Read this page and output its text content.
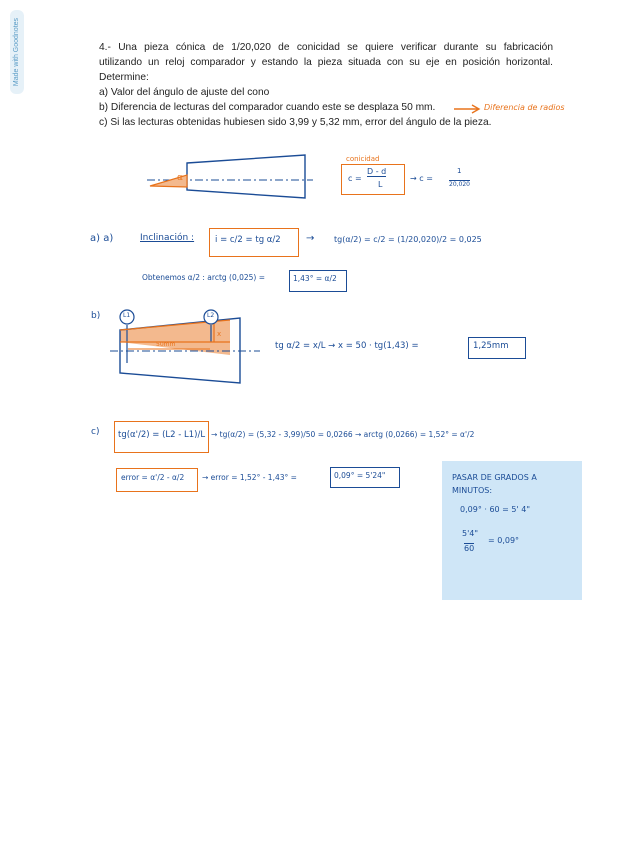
Made with Goodnotes	4.- Una pieza cónica de 1/20,020 de conicidad se quiere verificar durante su fabricación

utilizando un reloj comparador y estando la pieza situada con su eje en posición horizontal.

Determine:

a) Valor del ángulo de ajuste del cono

b) Diferencia de lecturas del comparador cuando este se desplaza 50 mm.

c) Si las lecturas obtenidas hubiesen sido 3,99 y 5,32 mm, error del ángulo de la pieza.

Diferencia de radios
α
conicidad
c =
D - d
L
→ c =
1
20,020
a) a)	Inclinación : i = c/2 = tg α/2	→ tg(α/2) = c/2 = (1/20,020)/2 = 0,025
Obtenemos α/2 : arctg (0,025) =	1,43° = α/2
b)	L1	L2
x
50mm	tg α/2 = x/L → x = 50 · tg(1,43) =	1,25mm
c) tg(α'/2) = (L2 - L1)/L → tg(α/2) = (5,32 - 3,99)/50 = 0,0266 → arctg (0,0266) = 1,52° = α'/2
error = α'/2 - α/2 → error = 1,52° - 1,43° =	0,09° = 5'24"	PASAR DE GRADOS A MINUTOS:
0,09° · 60 = 5' 4"
5'4"
60
= 0,09°
